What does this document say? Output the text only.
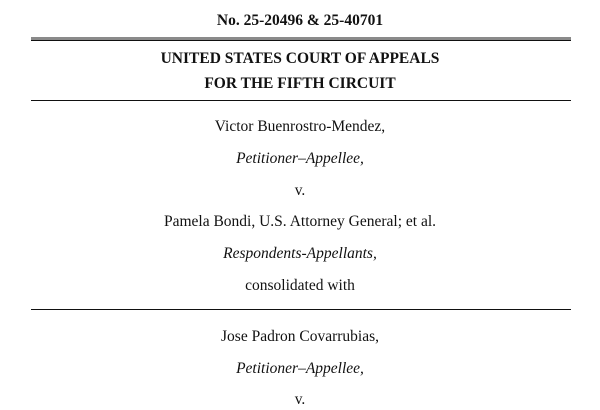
No. 25-20496 & 25-40701
UNITED STATES COURT OF APPEALS
FOR THE FIFTH CIRCUIT
Victor Buenrostro-Mendez,
Petitioner–Appellee,
v.
Pamela Bondi, U.S. Attorney General; et al.
Respondents-Appellants,
consolidated with
Jose Padron Covarrubias,
Petitioner–Appellee,
v.
